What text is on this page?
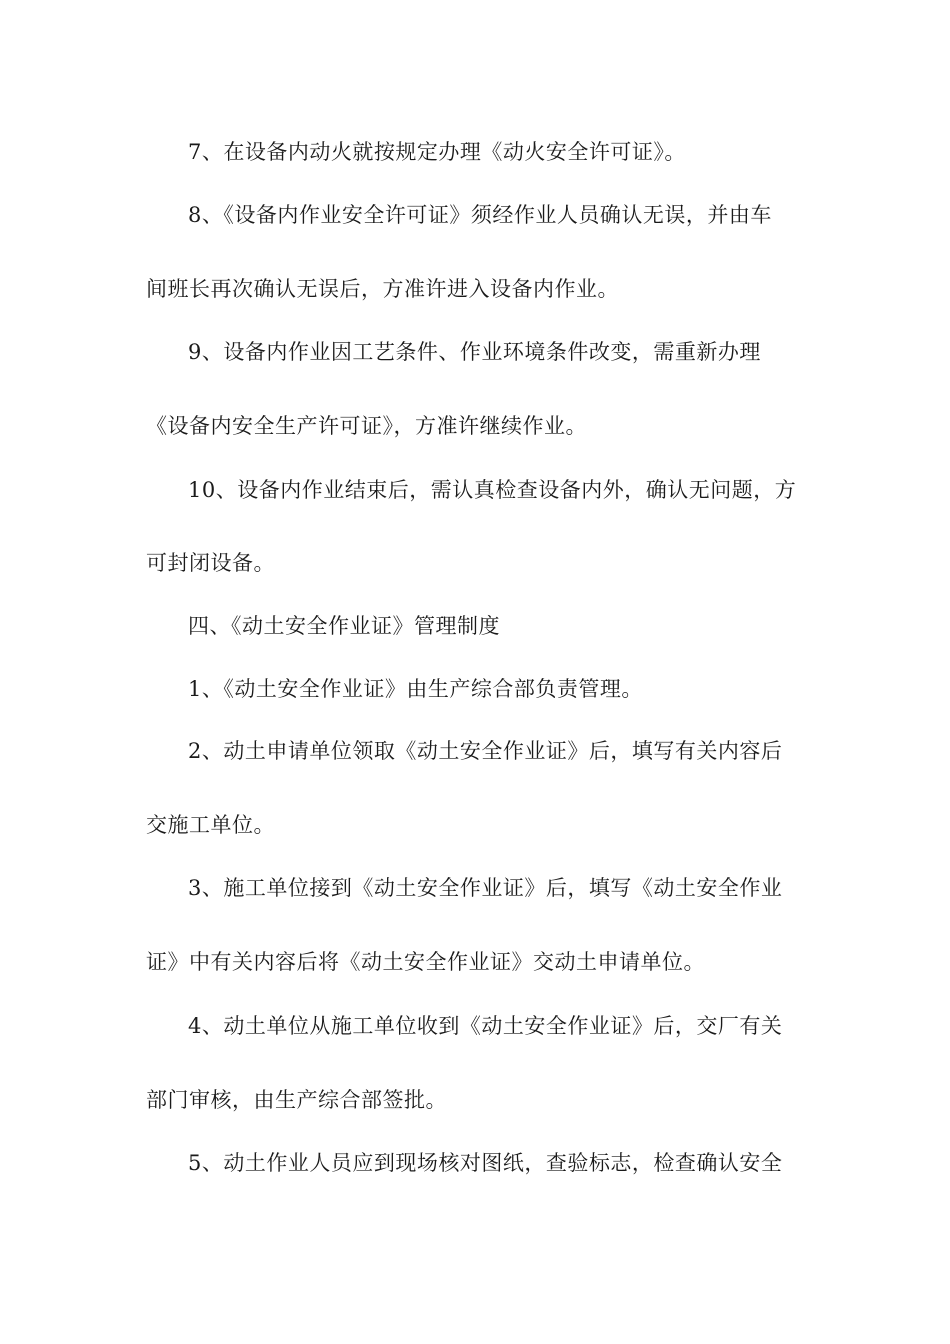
7、在设备内动火就按规定办理《动火安全许可证》。
8、《设备内作业安全许可证》须经作业人员确认无误，并由车
间班长再次确认无误后，方准许进入设备内作业。
9、设备内作业因工艺条件、作业环境条件改变，需重新办理
《设备内安全生产许可证》，方准许继续作业。
10、设备内作业结束后，需认真检查设备内外，确认无问题，方
可封闭设备。
四、《动土安全作业证》管理制度
1、《动土安全作业证》由生产综合部负责管理。
2、动土申请单位领取《动土安全作业证》后，填写有关内容后
交施工单位。
3、施工单位接到《动土安全作业证》后，填写《动土安全作业
证》中有关内容后将《动土安全作业证》交动土申请单位。
4、动土单位从施工单位收到《动土安全作业证》后，交厂有关
部门审核，由生产综合部签批。
5、动土作业人员应到现场核对图纸，查验标志，检查确认安全
